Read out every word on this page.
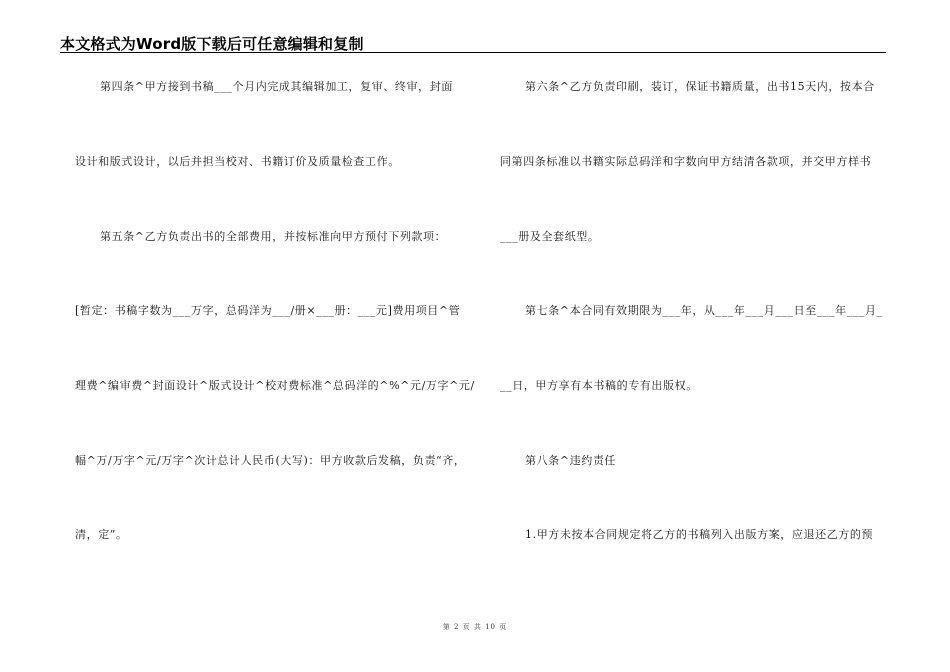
本文格式为Word版下载后可任意编辑和复制
第四条^甲方接到书稿___个月内完成其编辑加工，复审、终审，封面
设计和版式设计，以后并担当校对、书籍订价及质量检查工作。
第五条^乙方负责出书的全部费用，并按标准向甲方预付下列款项：
[暂定：书稿字数为___万字，总码洋为___/册×___册：___元]费用项目^管
理费^编审费^封面设计^版式设计^校对费标准^总码洋的^%^元/万字^元/
幅^万/万字^元/万字^次计总计人民币(大写)：甲方收款后发稿，负责“齐，
清，定”。
第六条^乙方负责印刷，装订，保证书籍质量，出书15天内，按本合
同第四条标准以书籍实际总码洋和字数向甲方结清各款项，并交甲方样书
___册及全套纸型。
第七条^本合同有效期限为___年，从___年___月___日至___年___月_
__日，甲方享有本书稿的专有出版权。
第八条^违约责任
1.甲方未按本合同规定将乙方的书稿列入出版方案，应退还乙方的预
第 2 页 共 10 页
